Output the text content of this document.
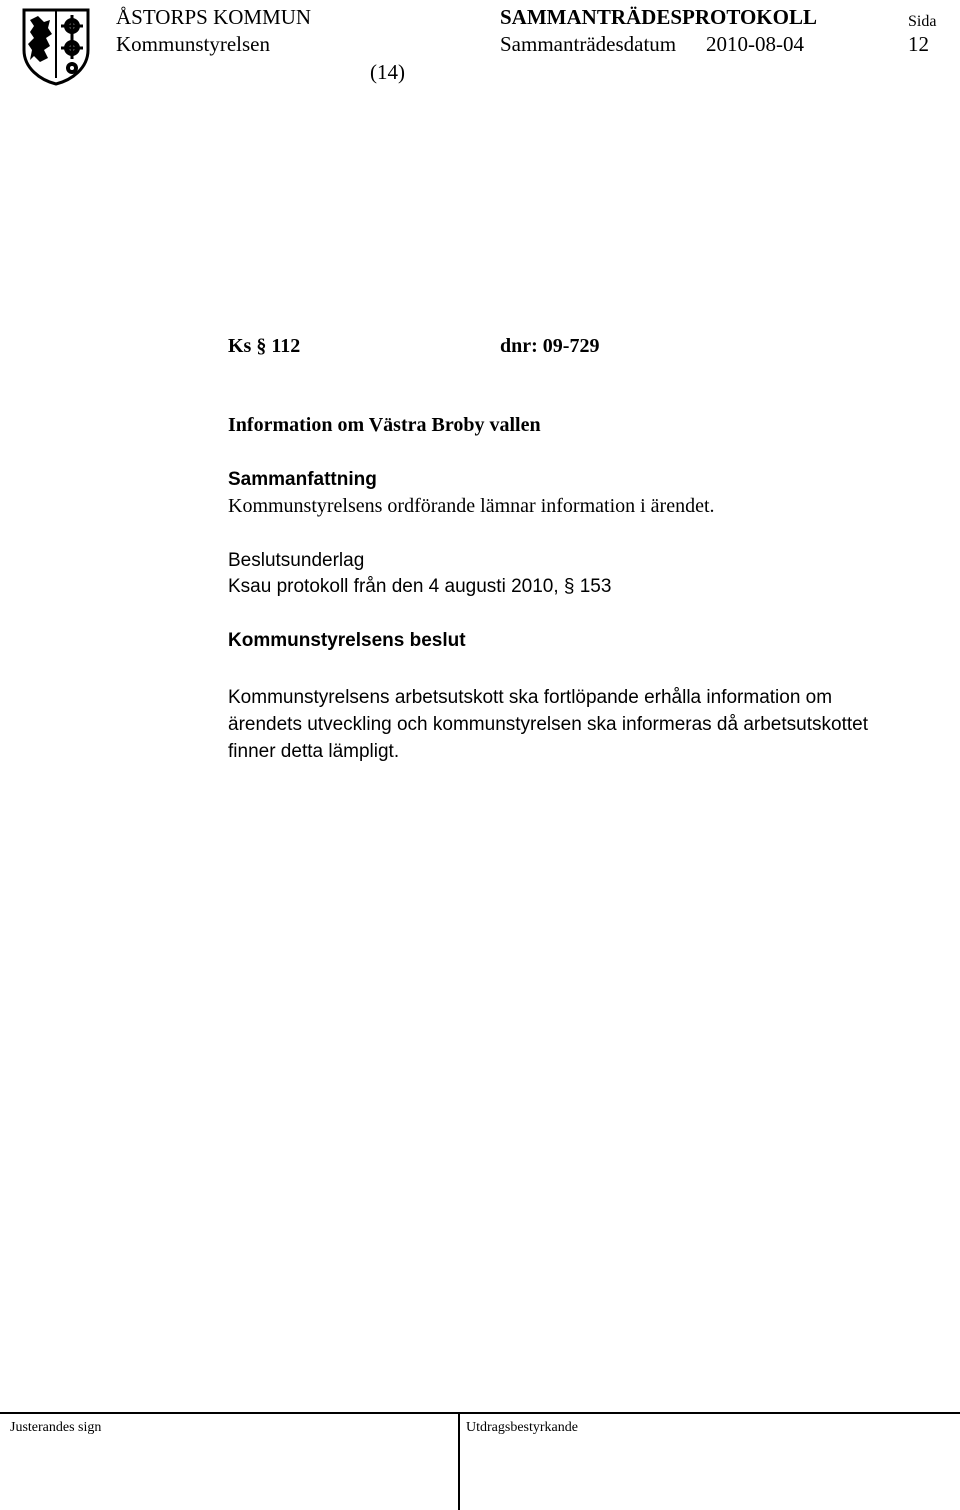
ÅSTORPS KOMMUN
Kommunstyrelsen
SAMMANTRÄDESPROTOKOLL
Sammanträdesdatum 2010-08-04
Sida
12
(14)
Ks § 112	dnr: 09-729
Information om Västra Broby vallen
Sammanfattning
Kommunstyrelsens ordförande lämnar information i ärendet.
Beslutsunderlag
Ksau protokoll från den 4 augusti 2010, § 153
Kommunstyrelsens beslut
Kommunstyrelsens arbetsutskott ska fortlöpande erhålla information om
ärendets utveckling och kommunstyrelsen ska informeras då arbetsutskottet
finner detta lämpligt.
Justerandes sign	Utdragsbestyrkande
